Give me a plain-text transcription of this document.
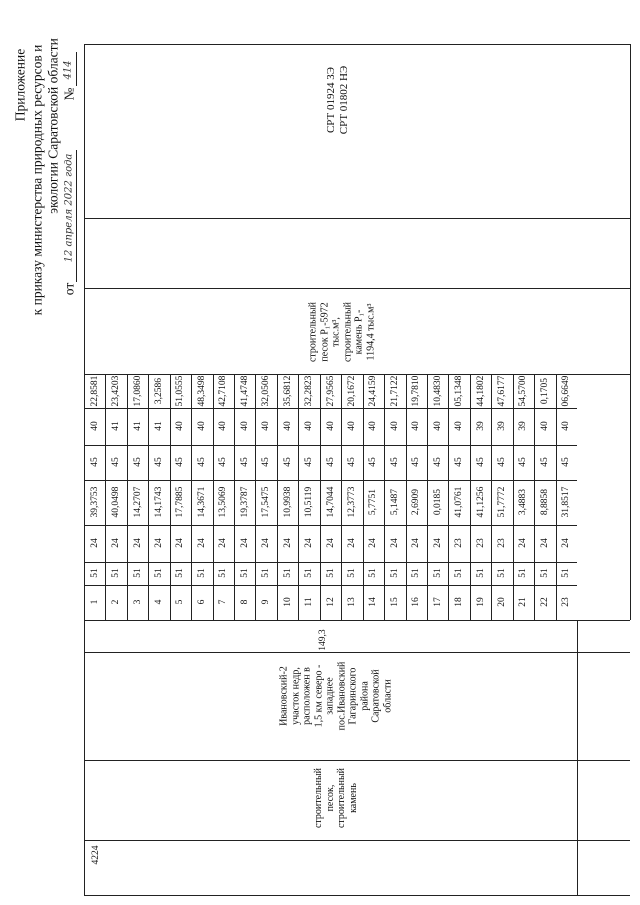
Приложение к приказу министерства природных ресурсов и экологии Саратовской области
от
12 апреля 2022 года
№
414
4224
строительный песок, строительный камень
Ивановский-2 участок недр, расположен в 1,5 км северо - западнее пос.Ивановский Гагаринского района Саратовской области
149,3
строительный песок P₁-5972 тыс.м³, строительный камень P₁- 1194,4 тыс.м³
СРТ 01924 ЗЭ СРТ 01802 НЭ
22,8581
40
45
39,3753
24
51
1
23,4203
41
45
40,0498
24
51
2
17,0860
41
45
14,2707
24
51
3
3,2586
41
45
14,1743
24
51
4
51,0555
40
45
17,7885
24
51
5
48,3498
40
45
14,3671
24
51
6
42,7108
40
45
13,5069
24
51
7
41,4748
40
45
19,3787
24
51
8
32,0506
40
45
17,5475
24
51
9
35,6812
40
45
10,9938
24
51
10
32,2823
40
45
10,5119
24
51
11
27,9565
40
45
14,7044
24
51
12
20,1672
40
45
12,3773
24
51
13
24,4159
40
45
5,7751
24
51
14
21,7122
40
45
5,1487
24
51
15
19,7810
40
45
2,6909
24
51
16
10,4830
40
45
0,0185
24
51
17
05,1348
40
45
41,0761
23
51
18
44,1802
39
45
41,1256
23
51
19
47,6177
39
45
51,7772
23
51
20
54,5700
39
45
3,4883
24
51
21
0,1705
40
45
8,8858
24
51
22
06,6649
40
45
31,8517
24
51
23
